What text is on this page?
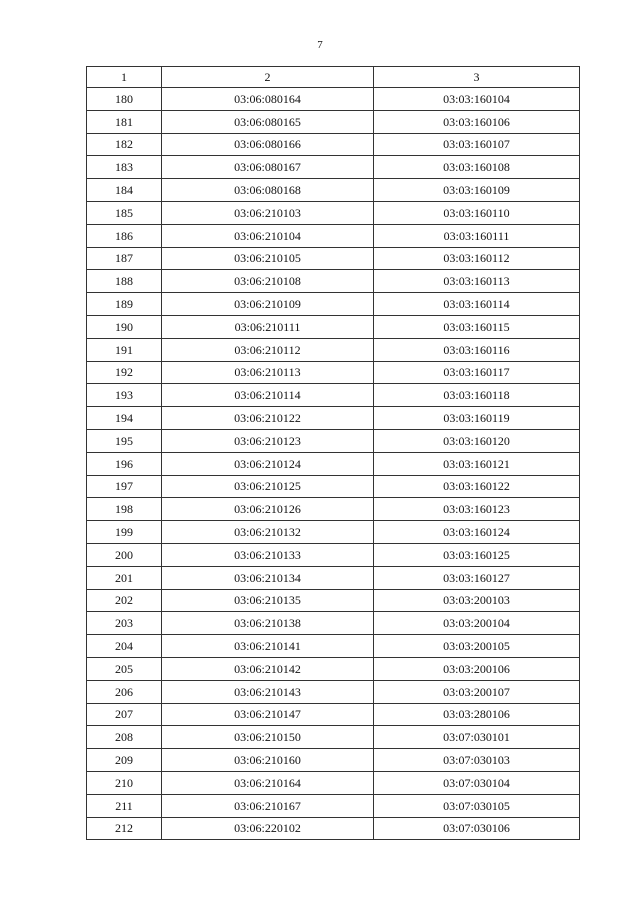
7
1	2	3
180	03:06:080164	03:03:160104
181	03:06:080165	03:03:160106
182	03:06:080166	03:03:160107
183	03:06:080167	03:03:160108
184	03:06:080168	03:03:160109
185	03:06:210103	03:03:160110
186	03:06:210104	03:03:160111
187	03:06:210105	03:03:160112
188	03:06:210108	03:03:160113
189	03:06:210109	03:03:160114
190	03:06:210111	03:03:160115
191	03:06:210112	03:03:160116
192	03:06:210113	03:03:160117
193	03:06:210114	03:03:160118
194	03:06:210122	03:03:160119
195	03:06:210123	03:03:160120
196	03:06:210124	03:03:160121
197	03:06:210125	03:03:160122
198	03:06:210126	03:03:160123
199	03:06:210132	03:03:160124
200	03:06:210133	03:03:160125
201	03:06:210134	03:03:160127
202	03:06:210135	03:03:200103
203	03:06:210138	03:03:200104
204	03:06:210141	03:03:200105
205	03:06:210142	03:03:200106
206	03:06:210143	03:03:200107
207	03:06:210147	03:03:280106
208	03:06:210150	03:07:030101
209	03:06:210160	03:07:030103
210	03:06:210164	03:07:030104
211	03:06:210167	03:07:030105
212	03:06:220102	03:07:030106
